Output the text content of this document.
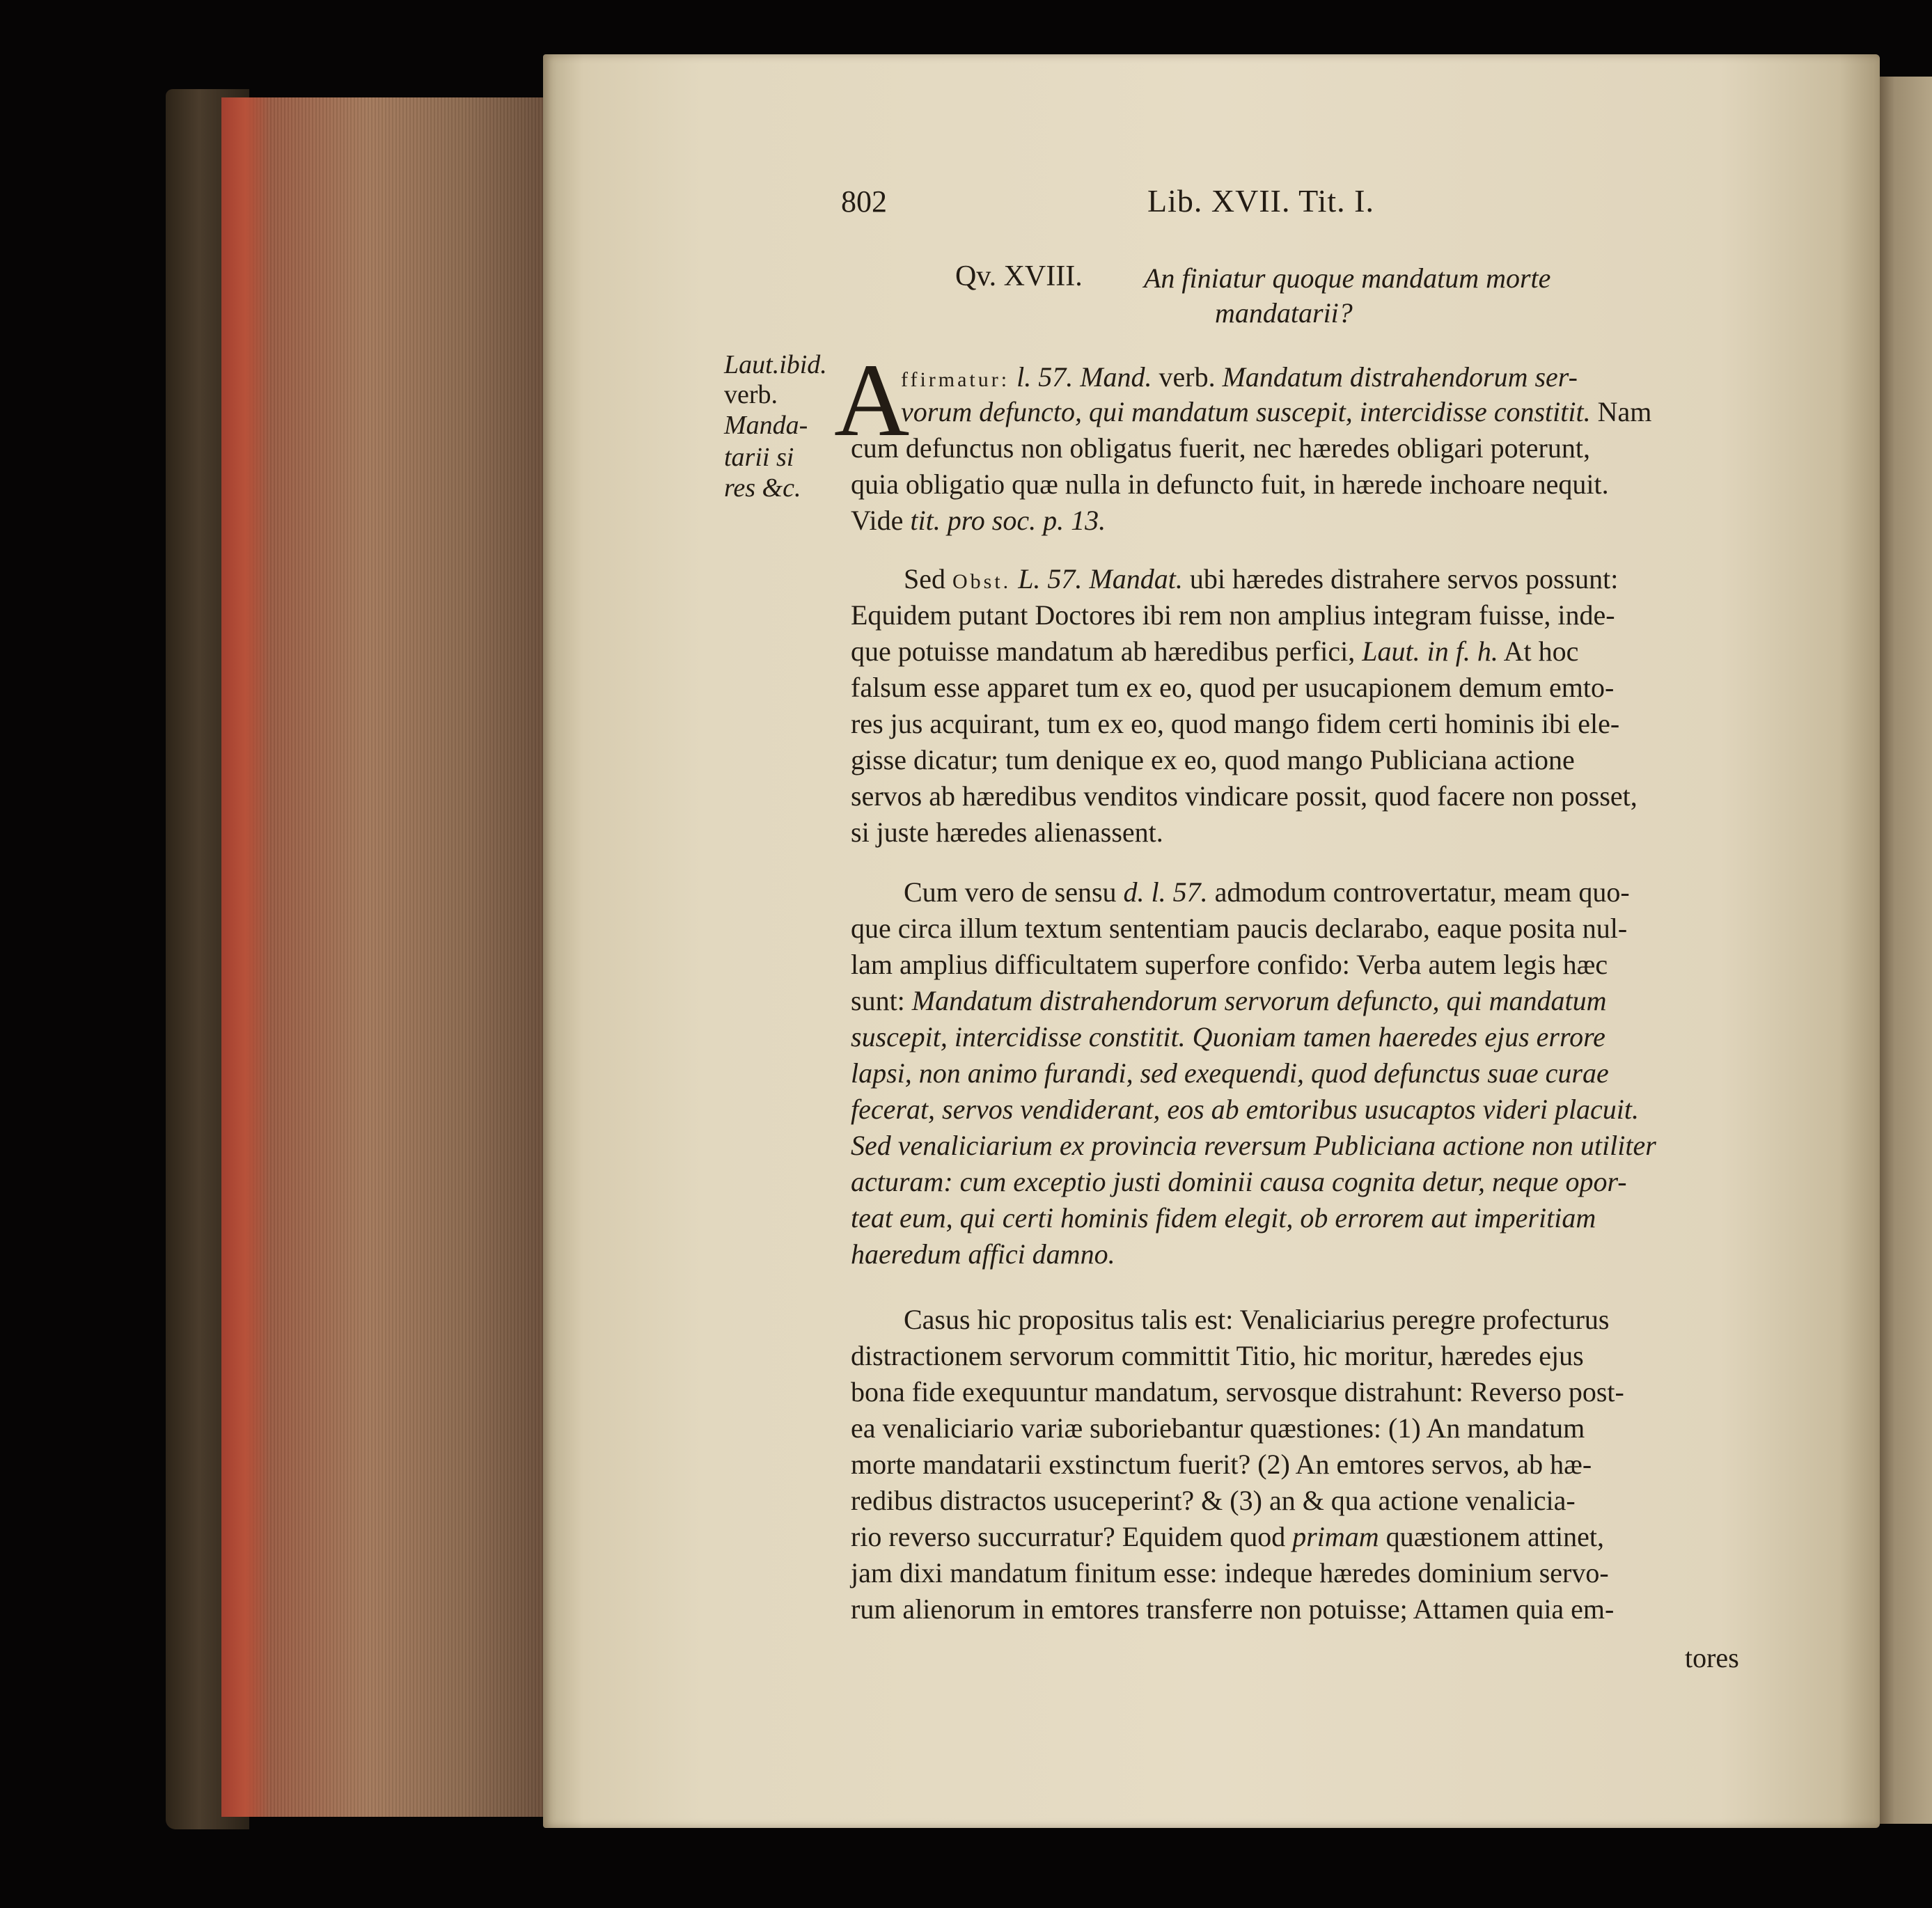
802	Lib. XVII. Tit. I.
Qv. XVIII. An finiatur quoque mandatum morte
mandatarii?
Laut.ibid.
verb.
Manda-
tarii si
res &c.
A
ffirmatur: l. 57. Mand. verb. Mandatum distrahendorum ser-
vorum defuncto, qui mandatum suscepit, intercidisse constitit. Nam
cum defunctus non obligatus fuerit, nec hæredes obligari poterunt,
quia obligatio quæ nulla in defuncto fuit, in hærede inchoare nequit.
Vide tit. pro soc. p. 13.
Sed Obst. L. 57. Mandat. ubi hæredes distrahere servos possunt:
Equidem putant Doctores ibi rem non amplius integram fuisse, inde-
que potuisse mandatum ab hæredibus perfici, Laut. in f. h. At hoc
falsum esse apparet tum ex eo, quod per usucapionem demum emto-
res jus acquirant, tum ex eo, quod mango fidem certi hominis ibi ele-
gisse dicatur; tum denique ex eo, quod mango Publiciana actione
servos ab hæredibus venditos vindicare possit, quod facere non posset,
si juste hæredes alienassent.
Cum vero de sensu d. l. 57. admodum controvertatur, meam quo-
que circa illum textum sententiam paucis declarabo, eaque posita nul-
lam amplius difficultatem superfore confido: Verba autem legis hæc
sunt: Mandatum distrahendorum servorum defuncto, qui mandatum
suscepit, intercidisse constitit. Quoniam tamen haeredes ejus errore
lapsi, non animo furandi, sed exequendi, quod defunctus suae curae
fecerat, servos vendiderant, eos ab emtoribus usucaptos videri placuit.
Sed venaliciarium ex provincia reversum Publiciana actione non utiliter
acturam: cum exceptio justi dominii causa cognita detur, neque opor-
teat eum, qui certi hominis fidem elegit, ob errorem aut imperitiam
haeredum affici damno.
Casus hic propositus talis est: Venaliciarius peregre profecturus
distractionem servorum committit Titio, hic moritur, hæredes ejus
bona fide exequuntur mandatum, servosque distrahunt: Reverso post-
ea venaliciario variæ suboriebantur quæstiones: (1) An mandatum
morte mandatarii exstinctum fuerit? (2) An emtores servos, ab hæ-
redibus distractos usuceperint? & (3) an & qua actione venalicia-
rio reverso succurratur? Equidem quod primam quæstionem attinet,
jam dixi mandatum finitum esse: indeque hæredes dominium servo-
rum alienorum in emtores transferre non potuisse; Attamen quia em-
tores
